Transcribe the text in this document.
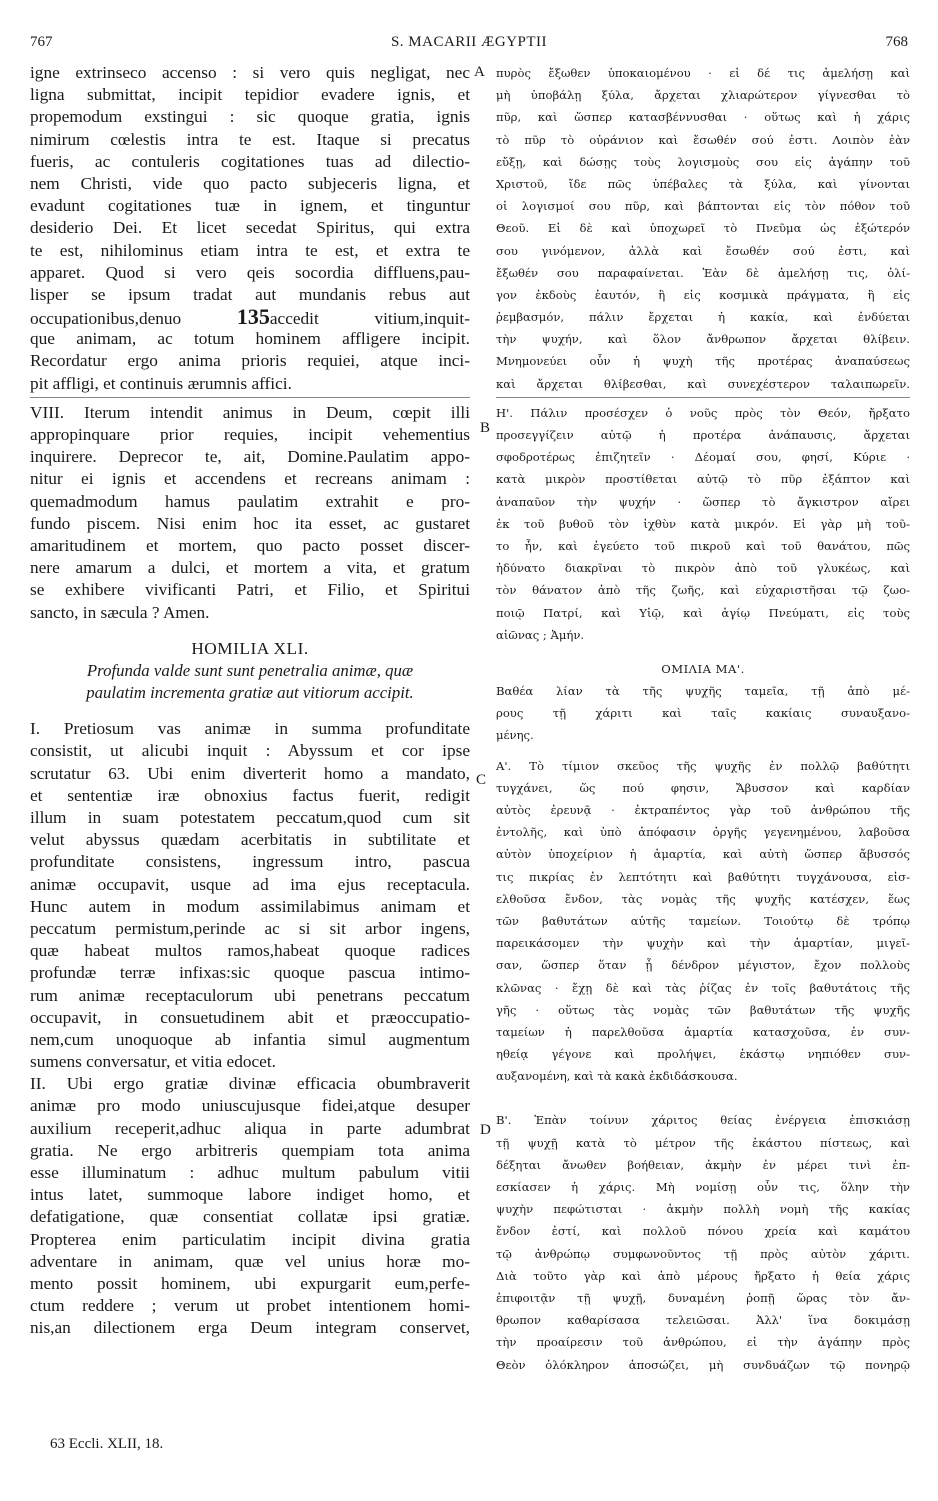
767	S. MACARII ÆGYPTII	768
A
B
C
D
igne extrinseco accenso : si vero quis negligat, nec
ligna submittat, incipit tepidior evadere ignis, et
propemodum exstingui : sic quoque gratia, ignis
nimirum cœlestis intra te est. Itaque si precatus
fueris, ac contuleris cogitationes tuas ad dilectio-
nem Christi, vide quo pacto subjeceris ligna, et
evadunt cogitationes tuæ in ignem, et tinguntur
desiderio Dei. Et licet secedat Spiritus, qui extra
te est, nihilominus etiam intra te est, et extra te
apparet. Quod si vero qeis socordia diffluens,pau-
lisper se ipsum tradat aut mundanis rebus aut
occupationibus,denuo	135accedit vitium,inquit-
que animam, ac totum hominem affligere incipit.
Recordatur ergo anima prioris requiei, atque inci-
pit affligi, et continuis ærumnis affici.
VIII. Iterum intendit animus in Deum, cœpit illi
appropinquare prior requies, incipit vehementius
inquirere. Deprecor te, ait, Domine.Paulatim appo-
nitur ei ignis et accendens et recreans animam :
quemadmodum hamus paulatim extrahit e pro-
fundo piscem. Nisi enim hoc ita esset, ac gustaret
amaritudinem et mortem, quo pacto posset discer-
nere amarum a dulci, et mortem a vita, et gratum
se exhibere vivificanti Patri, et Filio, et Spiritui
sancto, in sæcula ? Amen.
HOMILIA XLI.
Profunda valde sunt sunt penetralia animæ, quæ
paulatim incrementa gratiæ aut vitiorum accipit.
I. Pretiosum vas animæ in summa profunditate
consistit, ut alicubi inquit : Abyssum et cor ipse
scrutatur 63. Ubi enim diverterit homo a mandato,
et sententiæ iræ obnoxius factus fuerit, redigit
illum in suam potestatem peccatum,quod cum sit
velut abyssus quædam acerbitatis in subtilitate et
profunditate consistens, ingressum intro, pascua
animæ occupavit, usque ad ima ejus receptacula.
Hunc autem in modum assimilabimus animam et
peccatum permistum,perinde ac si sit arbor ingens,
quæ habeat multos ramos,habeat quoque radices
profundæ terræ infixas:sic quoque pascua intimo-
rum animæ receptaculorum ubi penetrans peccatum
occupavit, in consuetudinem abit et præoccupatio-
nem,cum unoquoque ab infantia simul augmentum
sumens conversatur, et vitia edocet.
II. Ubi ergo gratiæ divinæ efficacia obumbraverit
animæ pro modo uniuscujusque fidei,atque desuper
auxilium receperit,adhuc aliqua in parte adumbrat
gratia. Ne ergo arbitreris quempiam tota anima
esse illuminatum : adhuc multum pabulum vitii
intus latet, summoque labore indiget homo, et
defatigatione, quæ consentiat collatæ ipsi gratiæ.
Propterea enim particulatim incipit divina gratia
adventare in animam, quæ vel unius horæ mo-
mento possit hominem, ubi expurgarit eum,perfe-
ctum reddere ; verum ut probet intentionem homi-
nis,an dilectionem erga Deum integram conservet,
πυρὸς ἔξωθεν ὑποκαιομένου · εἰ δέ τις ἀμελήσῃ καὶ
μὴ ὑποβάλῃ ξύλα, ἄρχεται χλιαρώτερον γίγνεσθαι τὸ
πῦρ, καὶ ὥσπερ κατασβέννυσθαι · οὕτως καὶ ἡ χάρις
τὸ πῦρ τὸ οὐράνιον καὶ ἔσωθέν σού ἐστι. Λοιπὸν ἐὰν
εὔξῃ, καὶ δώσῃς τοὺς λογισμοὺς σου εἰς ἀγάπην τοῦ
Χριστοῦ, ἴδε πῶς ὑπέβαλες τὰ ξύλα, καὶ γίνονται
οἱ λογισμοί σου πῦρ, καὶ βάπτονται εἰς τὸν πόθον τοῦ
Θεοῦ. Εἰ δὲ καὶ ὑποχωρεῖ τὸ Πνεῦμα ὡς ἐξώτερόν
σου γινόμενον, ἀλλὰ καὶ ἔσωθέν σού ἐστι, καὶ
ἔξωθέν σου παραφαίνεται. Ἐὰν δὲ ἀμελήσῃ τις, ὀλί-
γον ἐκδοὺς ἑαυτόν, ἢ εἰς κοσμικὰ πράγματα, ἢ εἰς
ῥεμβασμόν, πάλιν ἔρχεται ἡ κακία, καὶ ἐνδύεται
τὴν ψυχήν, καὶ ὅλον ἄνθρωπον ἄρχεται θλίβειν.
Μνημονεύει οὖν ἡ ψυχὴ τῆς προτέρας ἀναπαύσεως
καὶ ἄρχεται θλίβεσθαι, καὶ συνεχέστερον ταλαιπωρεῖν.
Η'. Πάλιν προσέσχεν ὁ νοῦς πρὸς τὸν Θεόν, ἤρξατο
προσεγγίζειν αὐτῷ ἡ προτέρα ἀνάπαυσις, ἄρχεται
σφοδροτέρως ἐπιζητεῖν · Δέομαί σου, φησί, Κύριε ·
κατὰ μικρὸν προστίθεται αὐτῷ τὸ πῦρ ἐξάπτον καὶ
ἀναπαῦον τὴν ψυχήν · ὥσπερ τὸ ἄγκιστρον αἴρει
ἐκ τοῦ βυθοῦ τὸν ἰχθὺν κατὰ μικρόν. Εἰ γὰρ μὴ τοῦ-
το ἦν, καὶ ἐγεύετο τοῦ πικροῦ καὶ τοῦ θανάτου, πῶς
ἠδύνατο διακρῖναι τὸ πικρὸν ἀπὸ τοῦ γλυκέως, καὶ
τὸν θάνατον ἀπὸ τῆς ζωῆς, καὶ εὐχαριστῆσαι τῷ ζωο-
ποιῷ Πατρί, καὶ Υἱῷ, καὶ ἁγίῳ Πνεύματι, εἰς τοὺς
αἰῶνας ; Ἀμήν.
ΟΜΙΛΙΑ ΜΑ'.
Βαθέα λίαν τὰ τῆς ψυχῆς ταμεῖα, τῇ ἀπὸ μέ-
ρους τῇ χάριτι καὶ ταῖς κακίαις συναυξανο-
μένης.
Α'. Τὸ τίμιον σκεῦος τῆς ψυχῆς ἐν πολλῷ βαθύτητι
τυγχάνει, ὥς πού φησιν, Ἄβυσσον καὶ καρδίαν
αὐτὸς ἐρευνᾷ · ἐκτραπέντος γὰρ τοῦ ἀνθρώπου τῆς
ἐντολῆς, καὶ ὑπὸ ἀπόφασιν ὀργῆς γεγενημένου, λαβοῦσα
αὐτὸν ὑποχείριον ἡ ἁμαρτία, καὶ αὐτὴ ὥσπερ ἄβυσσός
τις πικρίας ἐν λεπτότητι καὶ βαθύτητι τυγχάνουσα, εἰσ-
ελθοῦσα ἔνδον, τὰς νομὰς τῆς ψυχῆς κατέσχεν, ἕως
τῶν βαθυτάτων αὐτῆς ταμείων. Τοιούτῳ δὲ τρόπῳ
παρεικάσομεν τὴν ψυχὴν καὶ τὴν ἁμαρτίαν, μιγεῖ-
σαν, ὥσπερ ὅταν ᾖ δένδρον μέγιστον, ἔχον πολλοὺς
κλῶνας · ἔχῃ δὲ καὶ τὰς ῥίζας ἐν τοῖς βαθυτάτοις τῆς
γῆς · οὕτως τὰς νομὰς τῶν βαθυτάτων τῆς ψυχῆς
ταμείων ἡ παρελθοῦσα ἁμαρτία κατασχοῦσα, ἐν συν-
ηθείᾳ γέγονε καὶ προλήψει, ἑκάστῳ νηπιόθεν συν-
αυξανομένη, καὶ τὰ κακὰ ἐκδιδάσκουσα.
Β'. Ἐπὰν τοίνυν χάριτος θείας ἐνέργεια ἐπισκιάσῃ
τῇ ψυχῇ κατὰ τὸ μέτρον τῆς ἑκάστου πίστεως, καὶ
δέξηται ἄνωθεν βοήθειαν, ἀκμὴν ἐν μέρει τινὶ ἐπ-
εσκίασεν ἡ χάρις. Μὴ νομίσῃ οὖν τις, ὅλην τὴν
ψυχὴν πεφώτισται · ἀκμὴν πολλὴ νομὴ τῆς κακίας
ἔνδον ἐστί, καὶ πολλοῦ πόνου χρεία καὶ καμάτου
τῷ ἀνθρώπῳ συμφωνοῦντος τῇ πρὸς αὐτὸν χάριτι.
Διὰ τοῦτο γὰρ καὶ ἀπὸ μέρους ἤρξατο ἡ θεία χάρις
ἐπιφοιτᾷν τῇ ψυχῇ, δυναμένη ῥοπῇ ὥρας τὸν ἄν-
θρωπον καθαρίσασα τελειῶσαι. Ἀλλ' ἵνα δοκιμάσῃ
τὴν προαίρεσιν τοῦ ἀνθρώπου, εἰ τὴν ἀγάπην πρὸς
Θεὸν ὁλόκληρον ἀποσώζει, μὴ συνδυάζων τῷ πονηρῷ
63 Eccli. XLII, 18.
